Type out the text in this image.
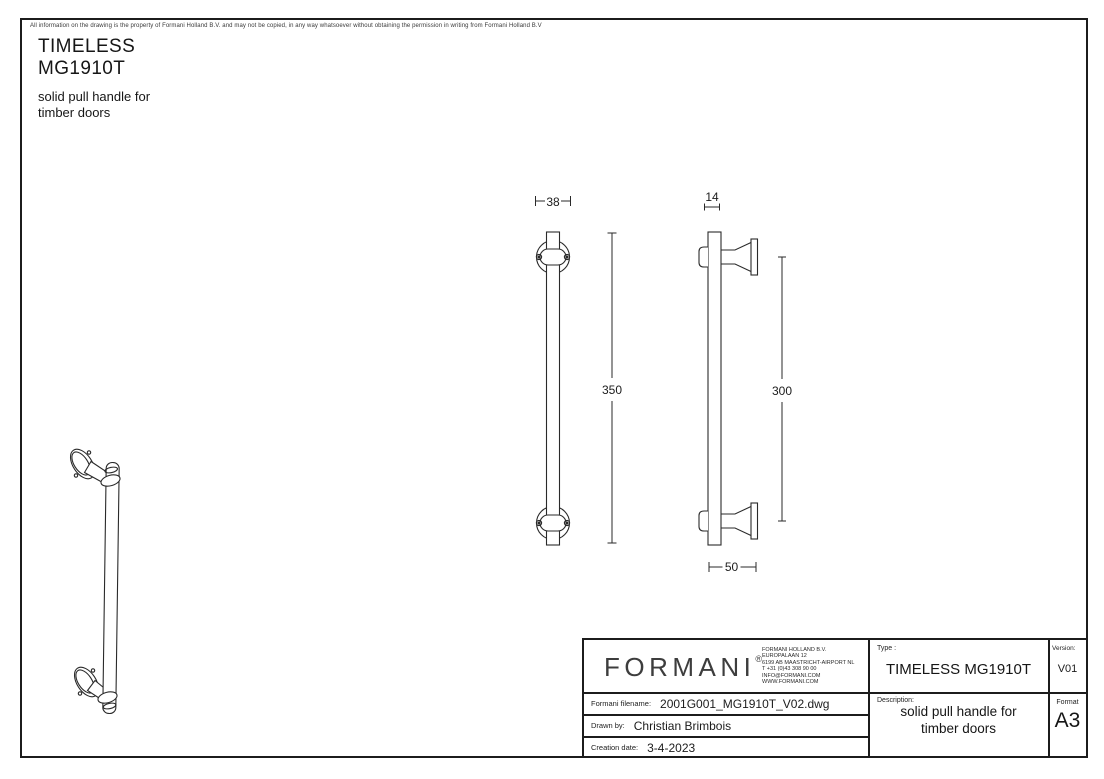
All information on the drawing is the property of Formani Holland B.V. and may not be copied, in any way whatsoever without obtaining the permission in writing from Formani Holland B.V
TIMELESS
MG1910T
solid pull handle for
timber doors
38
350
14
300
50
FORMANI®
FORMANI HOLLAND B.V.
EUROPALAAN 12
6199 AB MAASTRICHT-AIRPORT NL
T +31 (0)43 308 90 00
INFO@FORMANI.COM
WWW.FORMANI.COM
Type :
TIMELESS MG1910T
Version:
V01
Formani filename: 2001G001_MG1910T_V02.dwg
Drawn by: Christian Brimbois
Creation date: 3-4-2023
Description:
solid pull handle for
timber doors
Format
A3
